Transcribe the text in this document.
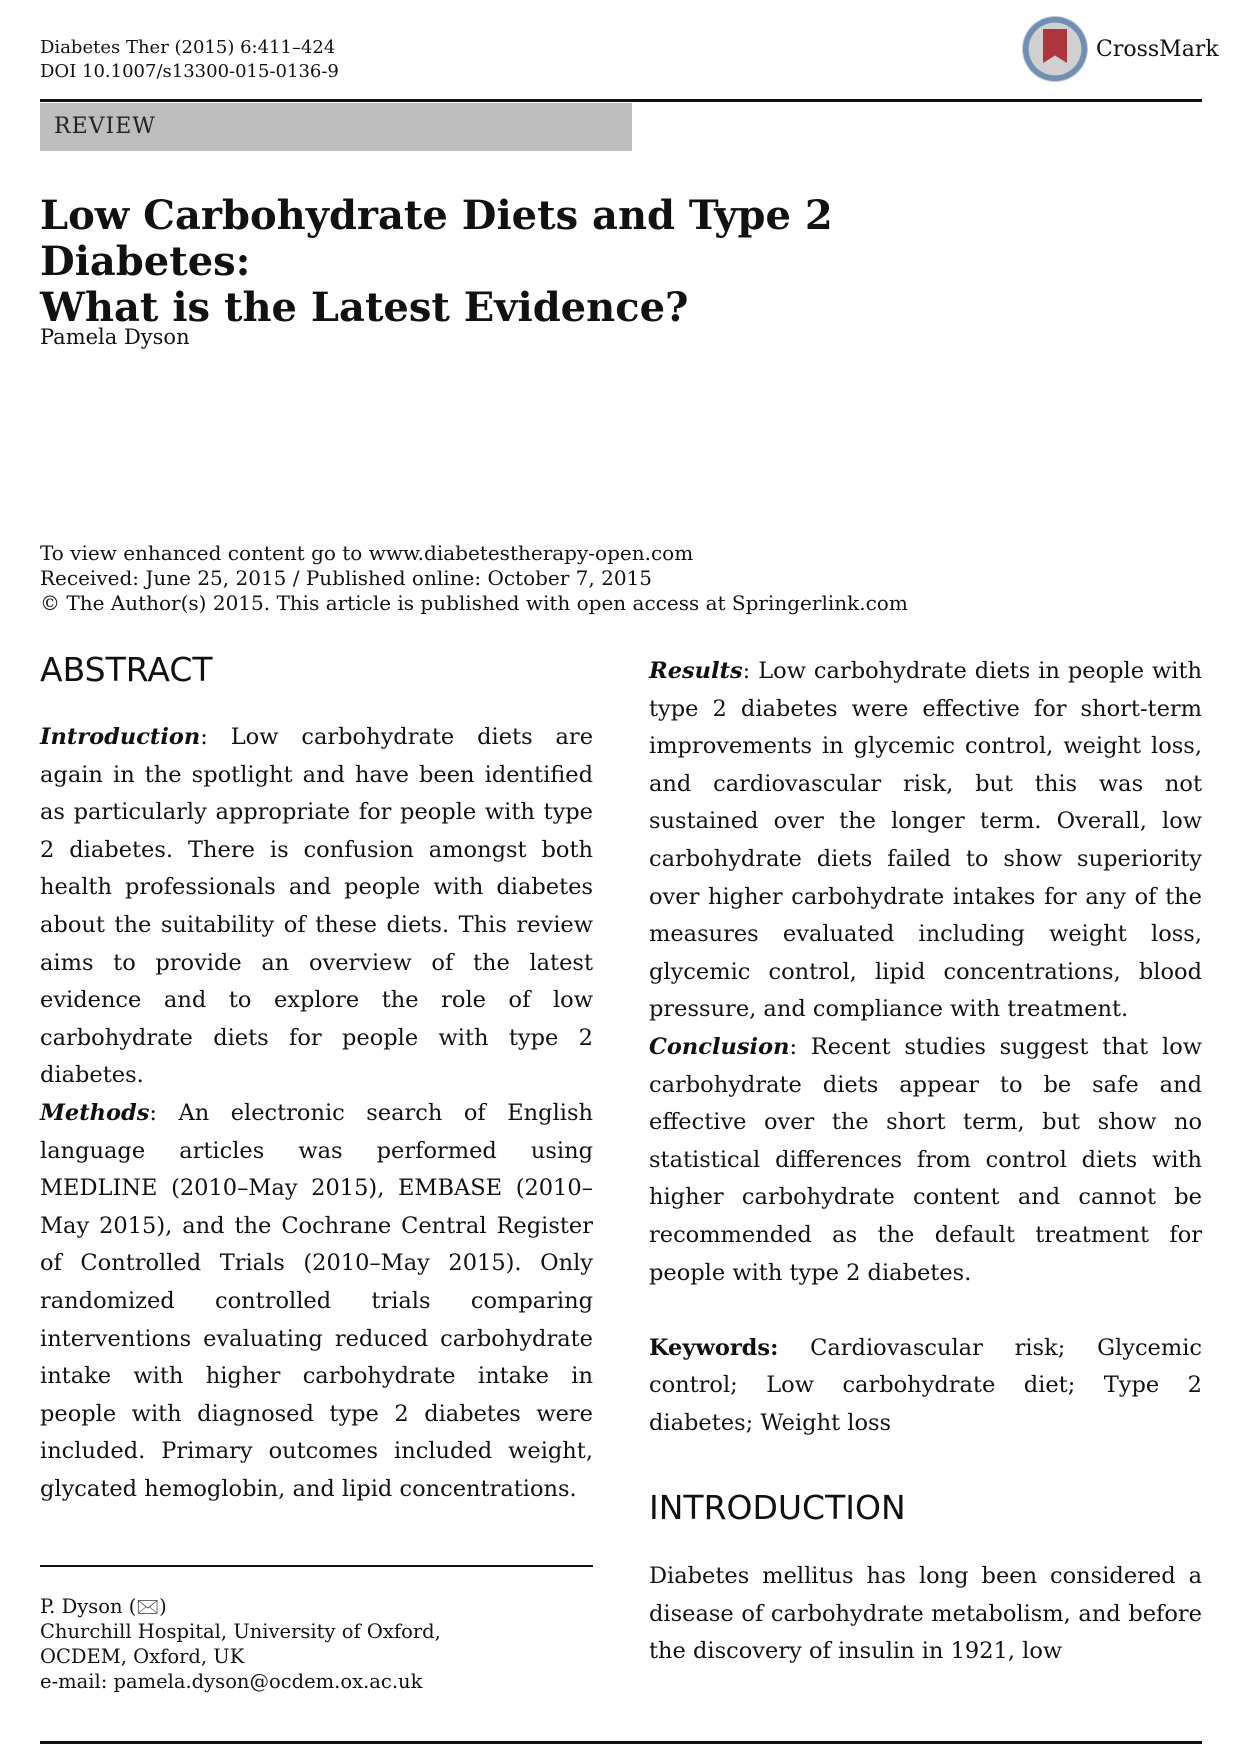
Diabetes Ther (2015) 6:411–424
DOI 10.1007/s13300-015-0136-9
CrossMark
REVIEW
Low Carbohydrate Diets and Type 2 Diabetes:
What is the Latest Evidence?
Pamela Dyson
To view enhanced content go to www.diabetestherapy-open.com
Received: June 25, 2015 / Published online: October 7, 2015
© The Author(s) 2015. This article is published with open access at Springerlink.com
ABSTRACT
Introduction: Low carbohydrate diets are again in the spotlight and have been identified as particularly appropriate for people with type 2 diabetes. There is confusion amongst both health professionals and people with diabetes about the suitability of these diets. This review aims to provide an overview of the latest evidence and to explore the role of low carbohydrate diets for people with type 2 diabetes.
Methods: An electronic search of English language articles was performed using MEDLINE (2010–May 2015), EMBASE (2010–May 2015), and the Cochrane Central Register of Controlled Trials (2010–May 2015). Only randomized controlled trials comparing interventions evaluating reduced carbohydrate intake with higher carbohydrate intake in people with diagnosed type 2 diabetes were included. Primary outcomes included weight, glycated hemoglobin, and lipid concentrations.
P. Dyson (🖂)
Churchill Hospital, University of Oxford,
OCDEM, Oxford, UK
e-mail: pamela.dyson@ocdem.ox.ac.uk
Results: Low carbohydrate diets in people with type 2 diabetes were effective for short-term improvements in glycemic control, weight loss, and cardiovascular risk, but this was not sustained over the longer term. Overall, low carbohydrate diets failed to show superiority over higher carbohydrate intakes for any of the measures evaluated including weight loss, glycemic control, lipid concentrations, blood pressure, and compliance with treatment.
Conclusion: Recent studies suggest that low carbohydrate diets appear to be safe and effective over the short term, but show no statistical differences from control diets with higher carbohydrate content and cannot be recommended as the default treatment for people with type 2 diabetes.
Keywords: Cardiovascular risk; Glycemic control; Low carbohydrate diet; Type 2 diabetes; Weight loss
INTRODUCTION
Diabetes mellitus has long been considered a disease of carbohydrate metabolism, and before the discovery of insulin in 1921, low
